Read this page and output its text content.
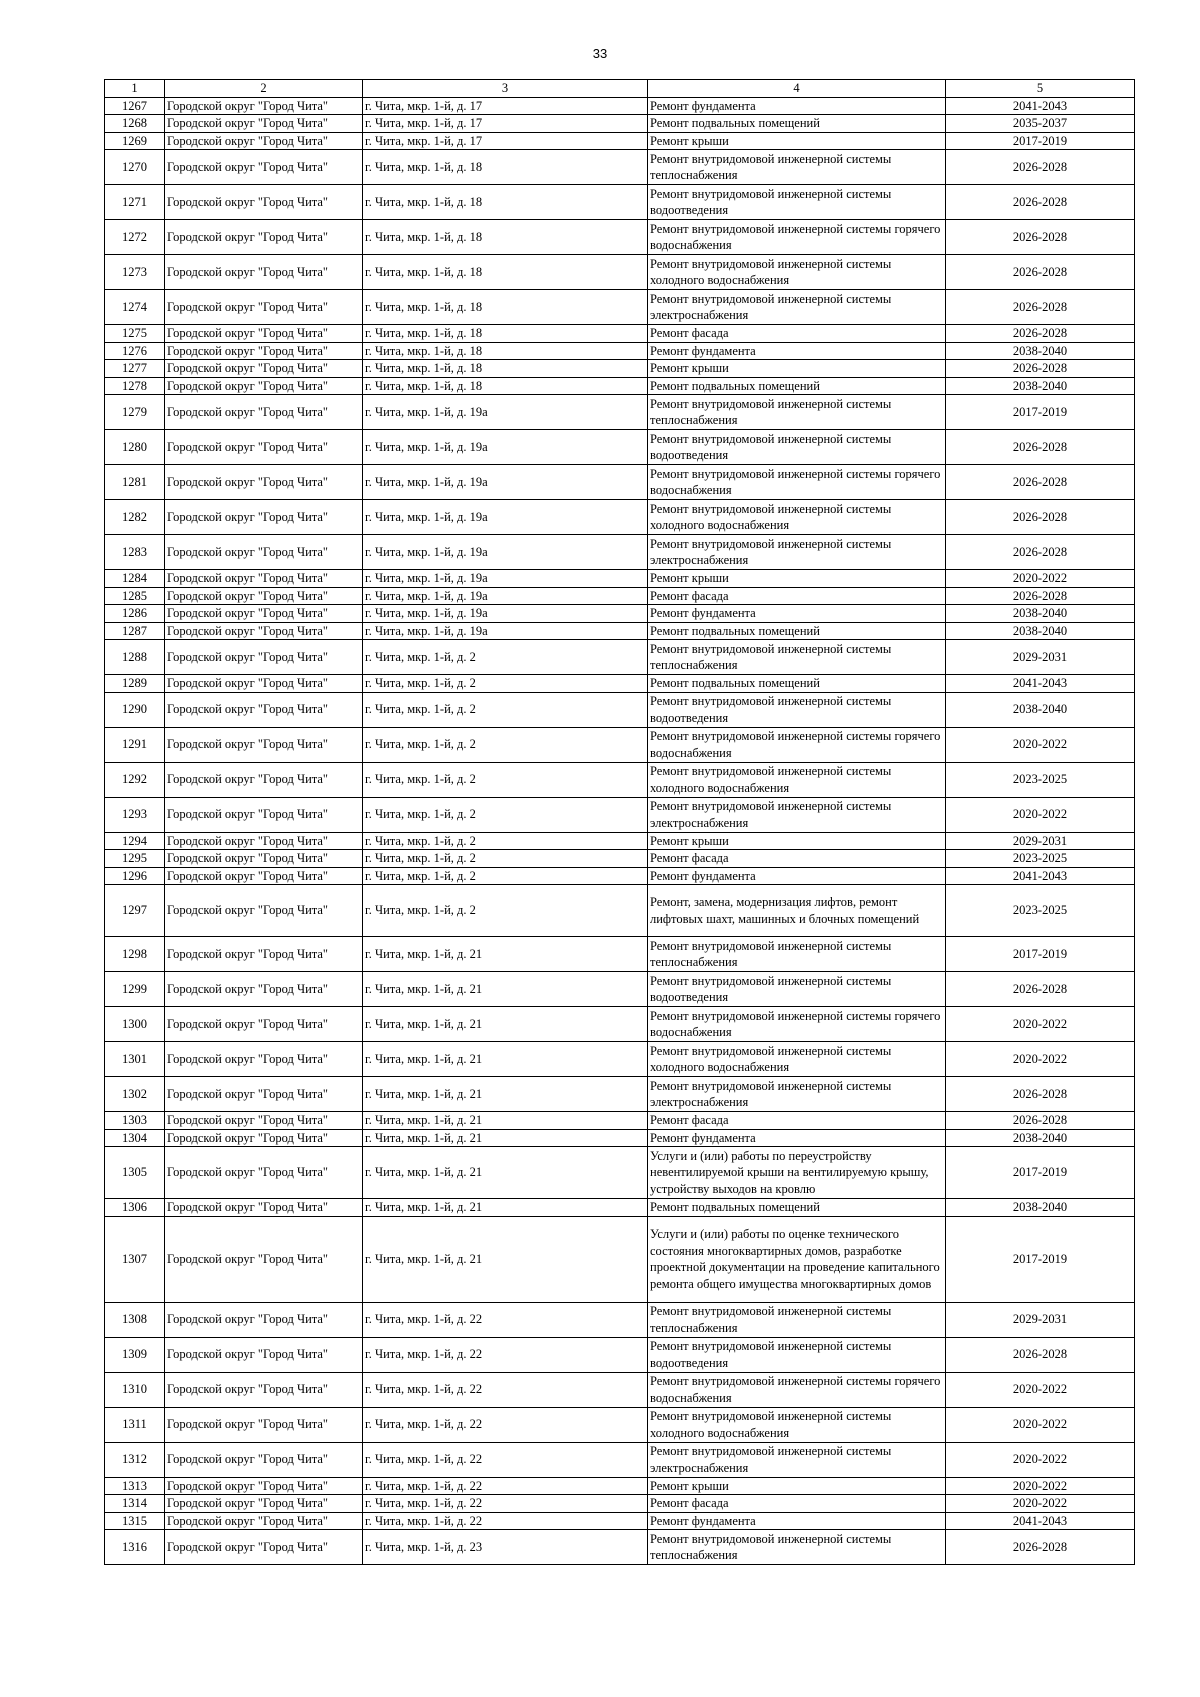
33
1	2	3	4	5
1267	Городской округ "Город Чита"	г. Чита, мкр. 1-й, д. 17	Ремонт фундамента	2041-2043
1268	Городской округ "Город Чита"	г. Чита, мкр. 1-й, д. 17	Ремонт подвальных помещений	2035-2037
1269	Городской округ "Город Чита"	г. Чита, мкр. 1-й, д. 17	Ремонт крыши	2017-2019
1270	Городской округ "Город Чита"	г. Чита, мкр. 1-й, д. 18	Ремонт внутридомовой инженерной системы теплоснабжения	2026-2028
1271	Городской округ "Город Чита"	г. Чита, мкр. 1-й, д. 18	Ремонт внутридомовой инженерной системы водоотведения	2026-2028
1272	Городской округ "Город Чита"	г. Чита, мкр. 1-й, д. 18	Ремонт внутридомовой инженерной системы горячего водоснабжения	2026-2028
1273	Городской округ "Город Чита"	г. Чита, мкр. 1-й, д. 18	Ремонт внутридомовой инженерной системы холодного водоснабжения	2026-2028
1274	Городской округ "Город Чита"	г. Чита, мкр. 1-й, д. 18	Ремонт внутридомовой инженерной системы электроснабжения	2026-2028
1275	Городской округ "Город Чита"	г. Чита, мкр. 1-й, д. 18	Ремонт фасада	2026-2028
1276	Городской округ "Город Чита"	г. Чита, мкр. 1-й, д. 18	Ремонт фундамента	2038-2040
1277	Городской округ "Город Чита"	г. Чита, мкр. 1-й, д. 18	Ремонт крыши	2026-2028
1278	Городской округ "Город Чита"	г. Чита, мкр. 1-й, д. 18	Ремонт подвальных помещений	2038-2040
1279	Городской округ "Город Чита"	г. Чита, мкр. 1-й, д. 19а	Ремонт внутридомовой инженерной системы теплоснабжения	2017-2019
1280	Городской округ "Город Чита"	г. Чита, мкр. 1-й, д. 19а	Ремонт внутридомовой инженерной системы водоотведения	2026-2028
1281	Городской округ "Город Чита"	г. Чита, мкр. 1-й, д. 19а	Ремонт внутридомовой инженерной системы горячего водоснабжения	2026-2028
1282	Городской округ "Город Чита"	г. Чита, мкр. 1-й, д. 19а	Ремонт внутридомовой инженерной системы холодного водоснабжения	2026-2028
1283	Городской округ "Город Чита"	г. Чита, мкр. 1-й, д. 19а	Ремонт внутридомовой инженерной системы электроснабжения	2026-2028
1284	Городской округ "Город Чита"	г. Чита, мкр. 1-й, д. 19а	Ремонт крыши	2020-2022
1285	Городской округ "Город Чита"	г. Чита, мкр. 1-й, д. 19а	Ремонт фасада	2026-2028
1286	Городской округ "Город Чита"	г. Чита, мкр. 1-й, д. 19а	Ремонт фундамента	2038-2040
1287	Городской округ "Город Чита"	г. Чита, мкр. 1-й, д. 19а	Ремонт подвальных помещений	2038-2040
1288	Городской округ "Город Чита"	г. Чита, мкр. 1-й, д. 2	Ремонт внутридомовой инженерной системы теплоснабжения	2029-2031
1289	Городской округ "Город Чита"	г. Чита, мкр. 1-й, д. 2	Ремонт подвальных помещений	2041-2043
1290	Городской округ "Город Чита"	г. Чита, мкр. 1-й, д. 2	Ремонт внутридомовой инженерной системы водоотведения	2038-2040
1291	Городской округ "Город Чита"	г. Чита, мкр. 1-й, д. 2	Ремонт внутридомовой инженерной системы горячего водоснабжения	2020-2022
1292	Городской округ "Город Чита"	г. Чита, мкр. 1-й, д. 2	Ремонт внутридомовой инженерной системы холодного водоснабжения	2023-2025
1293	Городской округ "Город Чита"	г. Чита, мкр. 1-й, д. 2	Ремонт внутридомовой инженерной системы электроснабжения	2020-2022
1294	Городской округ "Город Чита"	г. Чита, мкр. 1-й, д. 2	Ремонт крыши	2029-2031
1295	Городской округ "Город Чита"	г. Чита, мкр. 1-й, д. 2	Ремонт фасада	2023-2025
1296	Городской округ "Город Чита"	г. Чита, мкр. 1-й, д. 2	Ремонт фундамента	2041-2043
1297	Городской округ "Город Чита"	г. Чита, мкр. 1-й, д. 2	Ремонт, замена, модернизация лифтов, ремонт лифтовых шахт, машинных и блочных помещений	2023-2025
1298	Городской округ "Город Чита"	г. Чита, мкр. 1-й, д. 21	Ремонт внутридомовой инженерной системы теплоснабжения	2017-2019
1299	Городской округ "Город Чита"	г. Чита, мкр. 1-й, д. 21	Ремонт внутридомовой инженерной системы водоотведения	2026-2028
1300	Городской округ "Город Чита"	г. Чита, мкр. 1-й, д. 21	Ремонт внутридомовой инженерной системы горячего водоснабжения	2020-2022
1301	Городской округ "Город Чита"	г. Чита, мкр. 1-й, д. 21	Ремонт внутридомовой инженерной системы холодного водоснабжения	2020-2022
1302	Городской округ "Город Чита"	г. Чита, мкр. 1-й, д. 21	Ремонт внутридомовой инженерной системы электроснабжения	2026-2028
1303	Городской округ "Город Чита"	г. Чита, мкр. 1-й, д. 21	Ремонт фасада	2026-2028
1304	Городской округ "Город Чита"	г. Чита, мкр. 1-й, д. 21	Ремонт фундамента	2038-2040
1305	Городской округ "Город Чита"	г. Чита, мкр. 1-й, д. 21	Услуги и (или) работы по переустройству невентилируемой крыши на вентилируемую крышу, устройству выходов на кровлю	2017-2019
1306	Городской округ "Город Чита"	г. Чита, мкр. 1-й, д. 21	Ремонт подвальных помещений	2038-2040
1307	Городской округ "Город Чита"	г. Чита, мкр. 1-й, д. 21	Услуги и (или) работы по оценке технического состояния многоквартирных домов, разработке проектной документации на проведение капитального ремонта общего имущества многоквартирных домов	2017-2019
1308	Городской округ "Город Чита"	г. Чита, мкр. 1-й, д. 22	Ремонт внутридомовой инженерной системы теплоснабжения	2029-2031
1309	Городской округ "Город Чита"	г. Чита, мкр. 1-й, д. 22	Ремонт внутридомовой инженерной системы водоотведения	2026-2028
1310	Городской округ "Город Чита"	г. Чита, мкр. 1-й, д. 22	Ремонт внутридомовой инженерной системы горячего водоснабжения	2020-2022
1311	Городской округ "Город Чита"	г. Чита, мкр. 1-й, д. 22	Ремонт внутридомовой инженерной системы холодного водоснабжения	2020-2022
1312	Городской округ "Город Чита"	г. Чита, мкр. 1-й, д. 22	Ремонт внутридомовой инженерной системы электроснабжения	2020-2022
1313	Городской округ "Город Чита"	г. Чита, мкр. 1-й, д. 22	Ремонт крыши	2020-2022
1314	Городской округ "Город Чита"	г. Чита, мкр. 1-й, д. 22	Ремонт фасада	2020-2022
1315	Городской округ "Город Чита"	г. Чита, мкр. 1-й, д. 22	Ремонт фундамента	2041-2043
1316	Городской округ "Город Чита"	г. Чита, мкр. 1-й, д. 23	Ремонт внутридомовой инженерной системы теплоснабжения	2026-2028
